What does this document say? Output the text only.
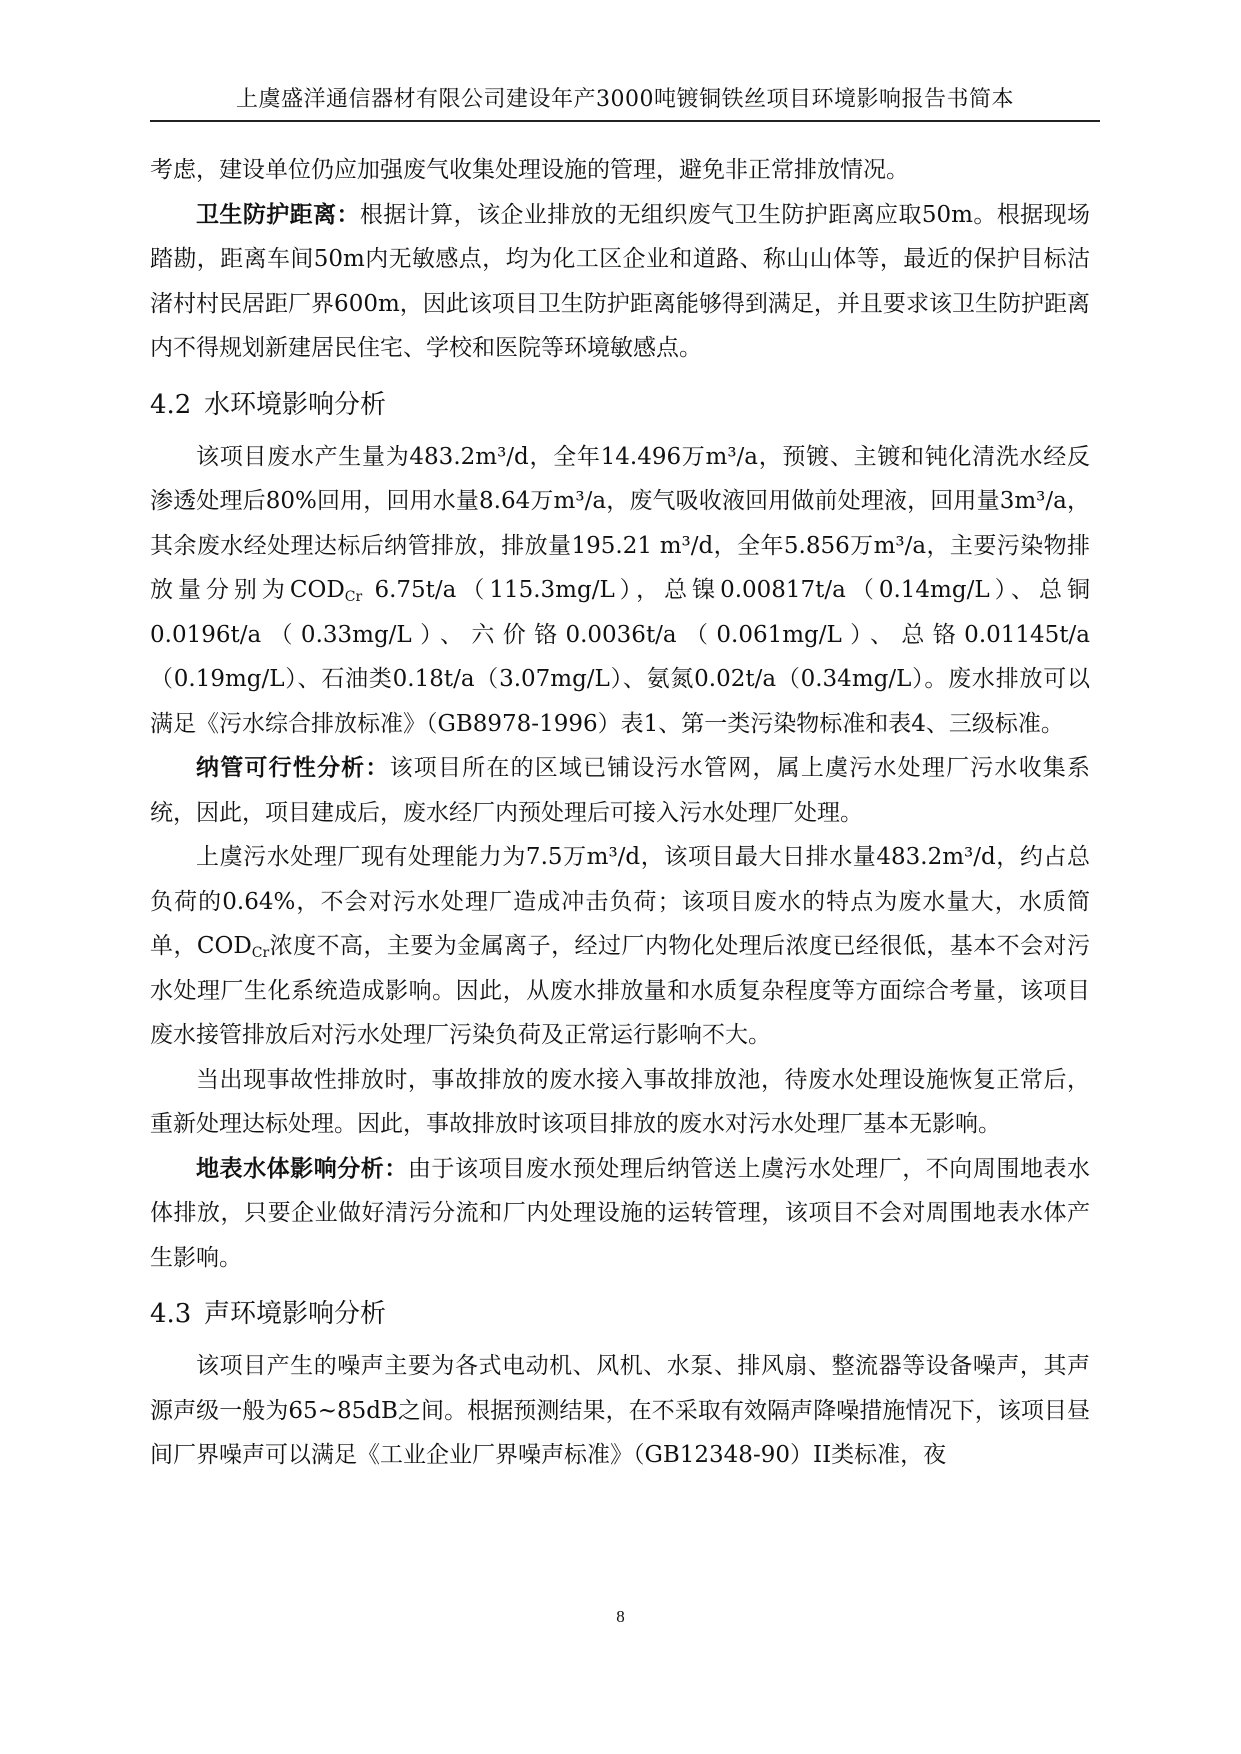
上虞盛洋通信器材有限公司建设年产3000吨镀铜铁丝项目环境影响报告书简本

考虑，建设单位仍应加强废气收集处理设施的管理，避免非正常排放情况。

卫生防护距离：根据计算，该企业排放的无组织废气卫生防护距离应取50m。根据现场踏勘，距离车间50m内无敏感点，均为化工区企业和道路、称山山体等，最近的保护目标沽渚村村民居距厂界600m，因此该项目卫生防护距离能够得到满足，并且要求该卫生防护距离内不得规划新建居民住宅、学校和医院等环境敏感点。

4.2 水环境影响分析

该项目废水产生量为483.2m³/d，全年14.496万m³/a，预镀、主镀和钝化清洗水经反渗透处理后80%回用，回用水量8.64万m³/a，废气吸收液回用做前处理液，回用量3m³/a，其余废水经处理达标后纳管排放，排放量195.21 m³/d，全年5.856万m³/a，主要污染物排放量分别为$COD_{Cr}$ 6.75t/a（115.3mg/L），总镍0.00817t/a（0.14mg/L）、总铜0.0196t/a（0.33mg/L）、六价铬0.0036t/a（0.061mg/L）、总铬0.01145t/a（0.19mg/L）、石油类0.18t/a（3.07mg/L）、氨氮0.02t/a（0.34mg/L）。废水排放可以满足《污水综合排放标准》（GB8978-1996）表1、第一类污染物标准和表4、三级标准。

纳管可行性分析：该项目所在的区域已铺设污水管网，属上虞污水处理厂污水收集系统，因此，项目建成后，废水经厂内预处理后可接入污水处理厂处理。

上虞污水处理厂现有处理能力为7.5万m³/d，该项目最大日排水量483.2m³/d，约占总负荷的0.64%，不会对污水处理厂造成冲击负荷；该项目废水的特点为废水量大，水质简单，$COD_{Cr}$浓度不高，主要为金属离子，经过厂内物化处理后浓度已经很低，基本不会对污水处理厂生化系统造成影响。因此，从废水排放量和水质复杂程度等方面综合考量，该项目废水接管排放后对污水处理厂污染负荷及正常运行影响不大。

当出现事故性排放时，事故排放的废水接入事故排放池，待废水处理设施恢复正常后，重新处理达标处理。因此，事故排放时该项目排放的废水对污水处理厂基本无影响。

地表水体影响分析：由于该项目废水预处理后纳管送上虞污水处理厂，不向周围地表水体排放，只要企业做好清污分流和厂内处理设施的运转管理，该项目不会对周围地表水体产生影响。

4.3 声环境影响分析

该项目产生的噪声主要为各式电动机、风机、水泵、排风扇、整流器等设备噪声，其声源声级一般为65~85dB之间。根据预测结果，在不采取有效隔声降噪措施情况下，该项目昼间厂界噪声可以满足《工业企业厂界噪声标准》（GB12348-90）II类标准，夜

8
